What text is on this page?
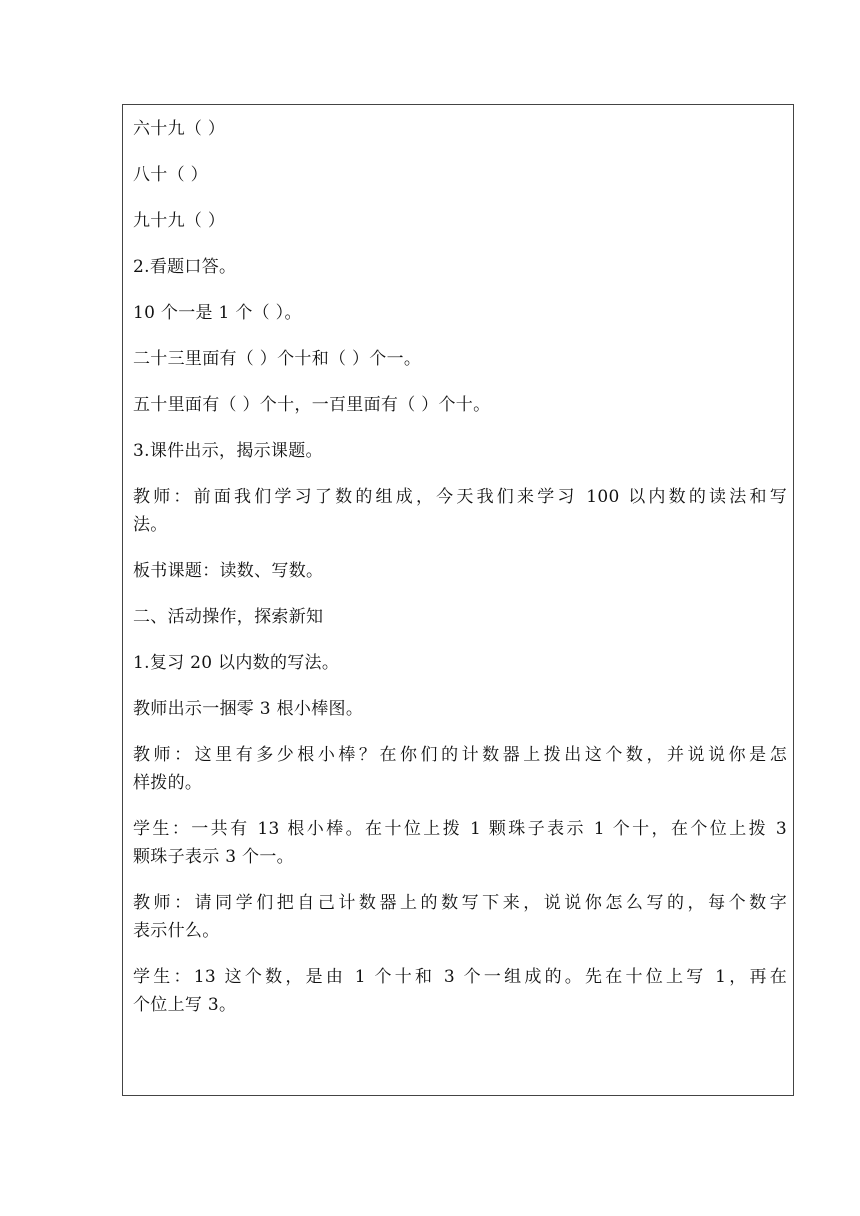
六十九（ ）
八十（ ）
九十九（ ）
2.看题口答。
10 个一是 1 个（ ）。
二十三里面有（ ）个十和（ ）个一。
五十里面有（ ）个十，一百里面有（ ）个十。
3.课件出示，揭示课题。
教师：前面我们学习了数的组成，今天我们来学习 100 以内数的读法和写
法。
板书课题：读数、写数。
二、活动操作，探索新知
1.复习 20 以内数的写法。
教师出示一捆零 3 根小棒图。
教师：这里有多少根小棒？在你们的计数器上拨出这个数，并说说你是怎
样拨的。
学生：一共有 13 根小棒。在十位上拨 1 颗珠子表示 1 个十，在个位上拨 3
颗珠子表示 3 个一。
教师：请同学们把自己计数器上的数写下来，说说你怎么写的，每个数字
表示什么。
学生：13 这个数，是由 1 个十和 3 个一组成的。先在十位上写 1，再在
个位上写 3。
